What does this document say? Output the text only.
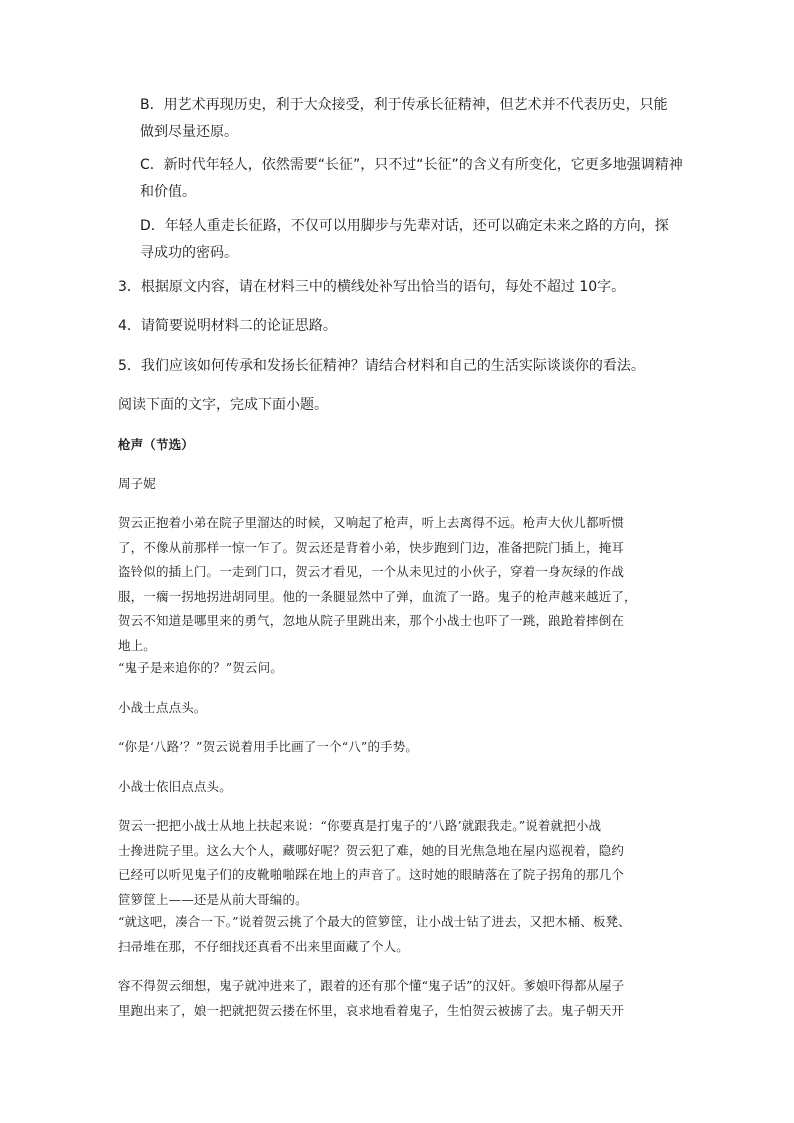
B．用艺术再现历史，利于大众接受，利于传承长征精神，但艺术并不代表历史，只能
做到尽量还原。
C．新时代年轻人，依然需要“长征”，只不过“长征”的含义有所变化，它更多地强调精神
和价值。
D．年轻人重走长征路，不仅可以用脚步与先辈对话，还可以确定未来之路的方向，探
寻成功的密码。

3．根据原文内容，请在材料三中的横线处补写出恰当的语句，每处不超过 10字。

4．请简要说明材料二的论证思路。

5．我们应该如何传承和发扬长征精神？请结合材料和自己的生活实际谈谈你的看法。

阅读下面的文字，完成下面小题。

枪声（节选）

周子妮

贺云正抱着小弟在院子里溜达的时候，又响起了枪声，听上去离得不远。枪声大伙儿都听惯
了，不像从前那样一惊一乍了。贺云还是背着小弟，快步跑到门边，准备把院门插上，掩耳
盗铃似的插上门。一走到门口，贺云才看见，一个从未见过的小伙子，穿着一身灰绿的作战
服，一瘸一拐地拐进胡同里。他的一条腿显然中了弹，血流了一路。鬼子的枪声越来越近了，
贺云不知道是哪里来的勇气，忽地从院子里跳出来，那个小战士也吓了一跳，踉跄着摔倒在
地上。

“鬼子是来追你的？”贺云问。

小战士点点头。

“你是‘八路’？”贺云说着用手比画了一个“八”的手势。

小战士依旧点点头。

贺云一把把小战士从地上扶起来说：“你要真是打鬼子的‘八路’就跟我走。”说着就把小战
士搀进院子里。这么大个人，藏哪好呢？贺云犯了难，她的目光焦急地在屋内巡视着，隐约
已经可以听见鬼子们的皮靴啪啪踩在地上的声音了。这时她的眼睛落在了院子拐角的那几个
笸箩筐上——还是从前大哥编的。
“就这吧，凑合一下。”说着贺云挑了个最大的笸箩筐，让小战士钻了进去，又把木桶、板凳、
扫帚堆在那，不仔细找还真看不出来里面藏了个人。
容不得贺云细想，鬼子就冲进来了，跟着的还有那个懂“鬼子话”的汉奸。爹娘吓得都从屋子
里跑出来了，娘一把就把贺云搂在怀里，哀求地看着鬼子，生怕贺云被掳了去。鬼子朝天开
